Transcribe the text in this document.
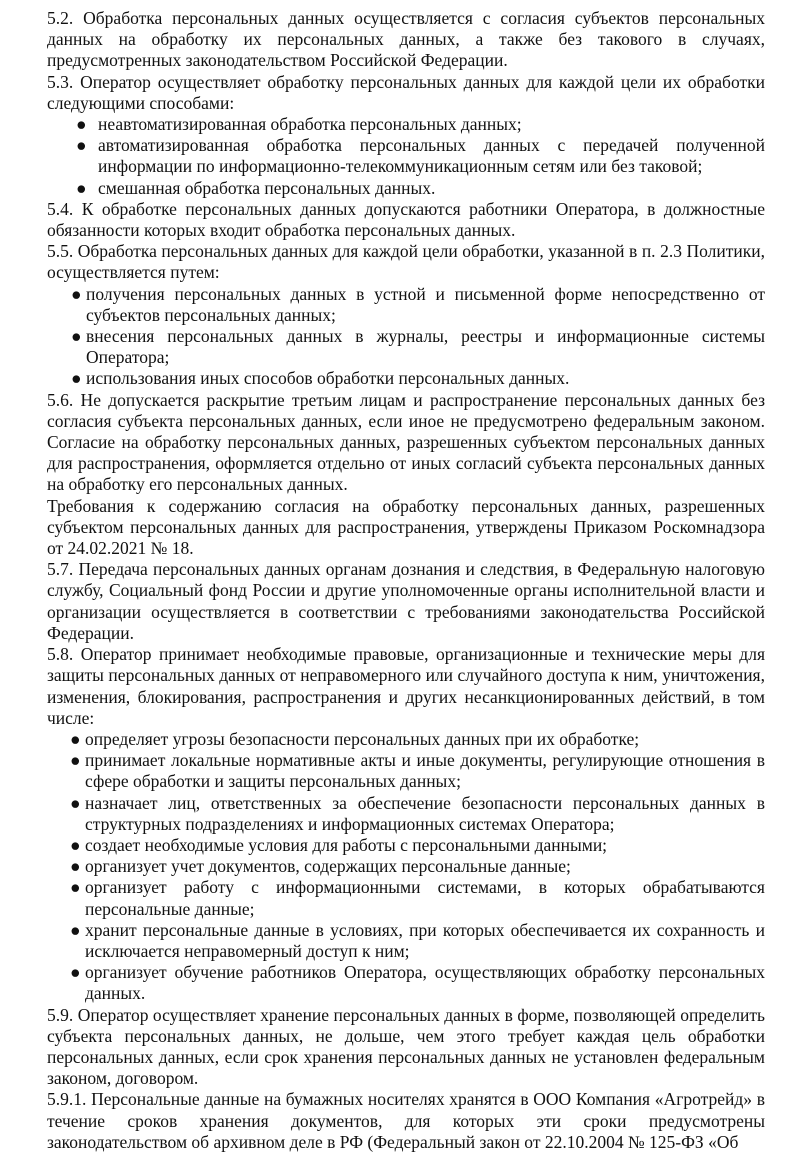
5.2. Обработка персональных данных осуществляется с согласия субъектов персональных данных на обработку их персональных данных, а также без такового в случаях, предусмотренных законодательством Российской Федерации.

5.3. Оператор осуществляет обработку персональных данных для каждой цели их обработки следующими способами:

● неавтоматизированная обработка персональных данных;
● автоматизированная обработка персональных данных с передачей полученной информации по информационно-телекоммуникационным сетям или без таковой;
● смешанная обработка персональных данных.

5.4. К обработке персональных данных допускаются работники Оператора, в должностные обязанности которых входит обработка персональных данных.

5.5. Обработка персональных данных для каждой цели обработки, указанной в п. 2.3 Политики, осуществляется путем:

● получения персональных данных в устной и письменной форме непосредственно от субъектов персональных данных;
● внесения персональных данных в журналы, реестры и информационные системы Оператора;
● использования иных способов обработки персональных данных.

5.6. Не допускается раскрытие третьим лицам и распространение персональных данных без согласия субъекта персональных данных, если иное не предусмотрено федеральным законом. Согласие на обработку персональных данных, разрешенных субъектом персональных данных для распространения, оформляется отдельно от иных согласий субъекта персональных данных на обработку его персональных данных.

Требования к содержанию согласия на обработку персональных данных, разрешенных субъектом персональных данных для распространения, утверждены Приказом Роскомнадзора от 24.02.2021 № 18.

5.7. Передача персональных данных органам дознания и следствия, в Федеральную налоговую службу, Социальный фонд России и другие уполномоченные органы исполнительной власти и организации осуществляется в соответствии с требованиями законодательства Российской Федерации.

5.8. Оператор принимает необходимые правовые, организационные и технические меры для защиты персональных данных от неправомерного или случайного доступа к ним, уничтожения, изменения, блокирования, распространения и других несанкционированных действий, в том числе:

● определяет угрозы безопасности персональных данных при их обработке;
● принимает локальные нормативные акты и иные документы, регулирующие отношения в сфере обработки и защиты персональных данных;
● назначает лиц, ответственных за обеспечение безопасности персональных данных в структурных подразделениях и информационных системах Оператора;
● создает необходимые условия для работы с персональными данными;
● организует учет документов, содержащих персональные данные;
● организует работу с информационными системами, в которых обрабатываются персональные данные;
● хранит персональные данные в условиях, при которых обеспечивается их сохранность и исключается неправомерный доступ к ним;
● организует обучение работников Оператора, осуществляющих обработку персональных данных.

5.9. Оператор осуществляет хранение персональных данных в форме, позволяющей определить субъекта персональных данных, не дольше, чем этого требует каждая цель обработки персональных данных, если срок хранения персональных данных не установлен федеральным законом, договором.

5.9.1. Персональные данные на бумажных носителях хранятся в ООО Компания «Агротрейд» в течение сроков хранения документов, для которых эти сроки предусмотрены законодательством об архивном деле в РФ (Федеральный закон от 22.10.2004 № 125-ФЗ «Об
